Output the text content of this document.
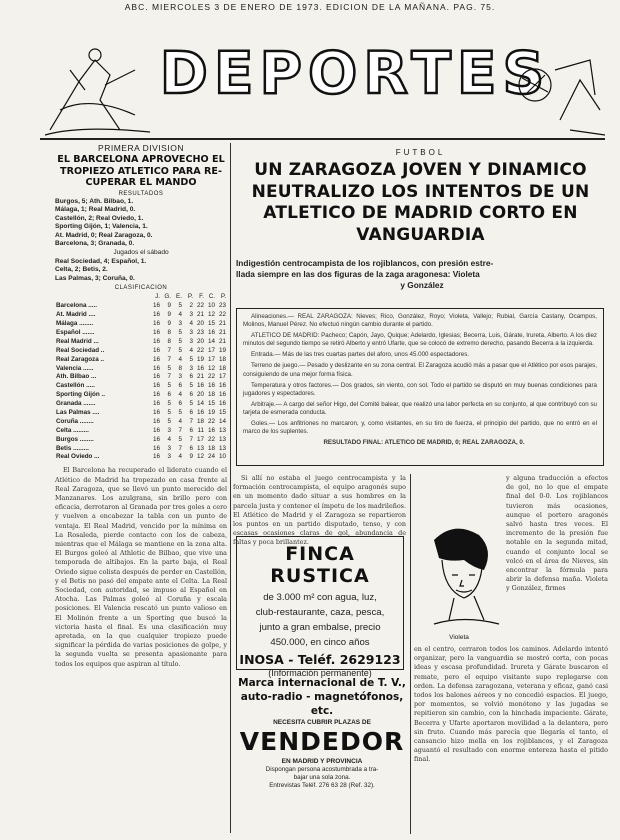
ABC. MIERCOLES 3 DE ENERO DE 1973. EDICION DE LA MAÑANA. PAG. 75.
DEPORTES
PRIMERA DIVISION
EL BARCELONA APROVECHO EL
TROPIEZO ATLETICO PARA RE-
CUPERAR EL MANDO
RESULTADOS
Burgos, 5; Ath. Bilbao, 1.
Málaga, 1; Real Madrid, 0.
Castellón, 2; Real Oviedo, 1.
Sporting Gijón, 1; Valencia, 1.
At. Madrid, 0; Real Zaragoza, 0.
Barcelona, 3; Granada, 0.
Jugados el sábado
Real Sociedad, 4; Español, 1.
Celta, 2; Betis, 2.
Las Palmas, 3; Coruña, 0.
CLASIFICACION
	J.	G.	E.	P.	F.	C.	P.
Barcelona .....	16	9	5	2	22	10	23
At. Madrid ....	16	9	4	3	21	12	22
Málaga ........	16	9	3	4	20	15	21
Español .......	16	8	5	3	23	16	21
Real Madrid ...	16	8	5	3	20	14	21
Real Sociedad ..	16	7	5	4	22	17	19
Real Zaragoza ..	16	7	4	5	19	17	18
Valencia ......	16	5	8	3	16	12	18
Ath. Bilbao ...	16	7	3	6	21	22	17
Castellón .....	16	5	6	5	16	16	16
Sporting Gijón ..	16	6	4	6	20	18	16
Granada .......	16	5	6	5	14	15	16
Las Palmas ....	16	5	5	6	16	19	15
Coruña ........	16	5	4	7	18	22	14
Celta .........	16	3	7	6	11	16	13
Burgos ........	16	4	5	7	17	22	13
Betis .........	16	3	7	6	13	18	13
Real Oviedo ...	16	3	4	9	12	24	10
El Barcelona ha recuperado el liderato cuando el Atlético de Madrid ha tropezado en casa frente al Real Zaragoza, que se llevó un punto merecido del Manzanares. Los azulgrana, sin brillo pero con eficacia, derrotaron al Granada por tres goles a cero y vuelven a encabezar la tabla con un punto de ventaja. El Real Madrid, vencido por la mínima en La Rosaleda, pierde contacto con los de cabeza, mientras que el Málaga se mantiene en la zona alta. El Burgos goleó al Athletic de Bilbao, que vive una temporada de altibajos. En la parte baja, el Real Oviedo sigue colista después de perder en Castellón, y el Betis no pasó del empate ante el Celta. La Real Sociedad, con autoridad, se impuso al Español en Atocha. Las Palmas goleó al Coruña y escala posiciones. El Valencia rescató un punto valioso en El Molinón frente a un Sporting que buscó la victoria hasta el final. Es una clasificación muy apretada, en la que cualquier tropiezo puede significar la pérdida de varias posiciones de golpe, y la segunda vuelta se presenta apasionante para todos los equipos que aspiran al título.
FUTBOL
UN ZARAGOZA JOVEN Y DINAMICO
NEUTRALIZO LOS INTENTOS DE UN
ATLETICO DE MADRID CORTO EN
VANGUARDIA
Indigestión centrocampista de los rojiblancos, con presión estre-
llada siempre en las dos figuras de la zaga aragonesa: Violeta
y González
Alineaciones.— REAL ZARAGOZA: Nieves; Rico, González, Royo; Violeta, Vallejo; Rubial, García Castany, Ocampos, Molinos, Manuel Pérez. No efectuó ningún cambio durante el partido.
ATLETICO DE MADRID: Pacheco; Capón, Jayo, Quique; Adelardo, Iglesias; Becerra, Luis, Gárate, Irureta, Alberto. A los diez minutos del segundo tiempo se retiró Alberto y entró Ufarte, que se colocó de extremo derecho, pasando Becerra a la izquierda.
Entrada.— Más de las tres cuartas partes del aforo, unos 45.000 espectadores.
Terreno de juego.— Pesado y deslizante en su zona central. El Zaragoza acudió más a pasar que el Atlético por esos parajes, consiguiendo de una mejor forma física.
Temperatura y otros factores.— Dos grados, sin viento, con sol. Todo el partido se disputó en muy buenas condiciones para jugadores y espectadores.
Arbitraje.— A cargo del señor Higo, del Comité balear, que realizó una labor perfecta en su conjunto, al que contribuyó con su tarjeta de esmerada conducta.
Goles.— Los anfitriones no marcaron, y, como visitantes, en su tiro de fuerza, el principio del partido, que no entró en el marco de los suplentes.
RESULTADO FINAL: ATLETICO DE MADRID, 0; REAL ZARAGOZA, 0.
Si allí no estaba el juego centrocampista y la formación centrocampista, el equipo aragonés supo en un momento dado situar a sus hombres en la parcela justa y contener el ímpetu de los madrileños. El Atlético de Madrid y el Zaragoza se repartieron los puntos en un partido disputado, tenso, y con escasas ocasiones claras de gol, abundancia de faltas y poca brillantez.
FINCA RUSTICA
de 3.000 m² con agua, luz,
club-restaurante, caza, pesca,
junto a gran embalse, precio
450.000, en cinco años
INOSA - Teléf. 2629123
(Información permanente)
Marca internacional de T. V.,
auto-radio - magnetófonos, etc.
NECESITA CUBRIR PLAZAS DE
VENDEDOR
EN MADRID Y PROVINCIA
Dispongan persona acostumbrada a tra-
bajar una sola zona.
Entrevistas Teléf. 276 63 28 (Ref. 32).
Violeta
y alguna traducción a efectos de gol, no lo que el empate final del 0-0. Los rojiblancos tuvieron más ocasiones, aunque el portero aragonés salvó hasta tres veces. El incremento de la presión fue notable en la segunda mitad, cuando el conjunto local se volcó en el área de Nieves, sin encontrar la fórmula para abrir la defensa maña. Violeta y González, firmes
en el centro, cerraron todos los caminos. Adelardo intentó organizar, pero la vanguardia se mostró corta, con pocas ideas y escasa profundidad. Irureta y Gárate buscaron el remate, pero el equipo visitante supo replegarse con orden. La defensa zaragozana, veterana y eficaz, ganó casi todos los balones aéreos y no concedió espacios. El juego, por momentos, se volvió monótono y las jugadas se repitieron sin cambio, con la hinchada impaciente. Gárate, Becerra y Ufarte aportaron movilidad a la delantera, pero sin fruto. Cuando más parecía que llegaría el tanto, el cansancio hizo mella en los rojiblancos, y el Zaragoza aguantó el resultado con enorme entereza hasta el pitido final.
